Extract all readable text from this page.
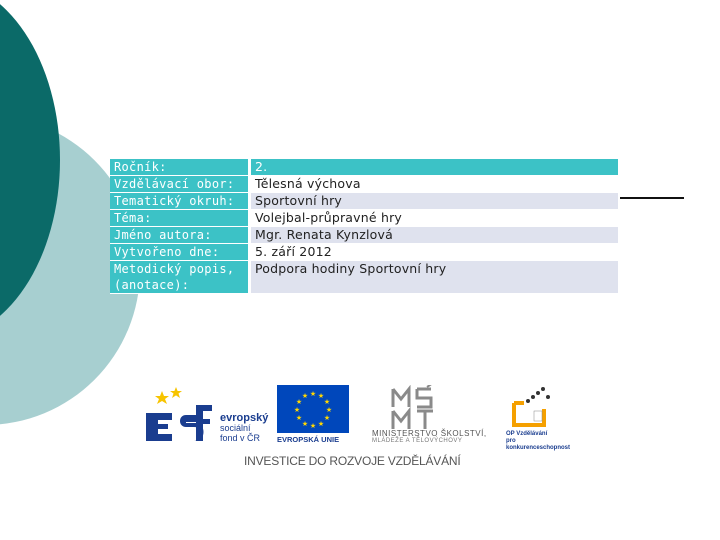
Ročník:	2.
Vzdělávací obor:	Tělesná výchova
Tematický okruh:	Sportovní hry
Téma:	Volejbal-průpravné hry
Jméno autora:	Mgr. Renata Kynzlová
Vytvořeno dne:	5. září 2012
Metodický popis, (anotace):	Podpora hodiny Sportovní hry
evropský
sociální
fond v ČR
★ ★
★
★
★
★
★
★
★
★
★
★
EVROPSKÁ UNIE
MINISTERSTVO ŠKOLSTVÍ,
MLÁDEŽE A TĚLOVÝCHOVY
OP Vzdělávání
pro konkurenceschopnost
INVESTICE DO ROZVOJE VZDĚLÁVÁNÍ
